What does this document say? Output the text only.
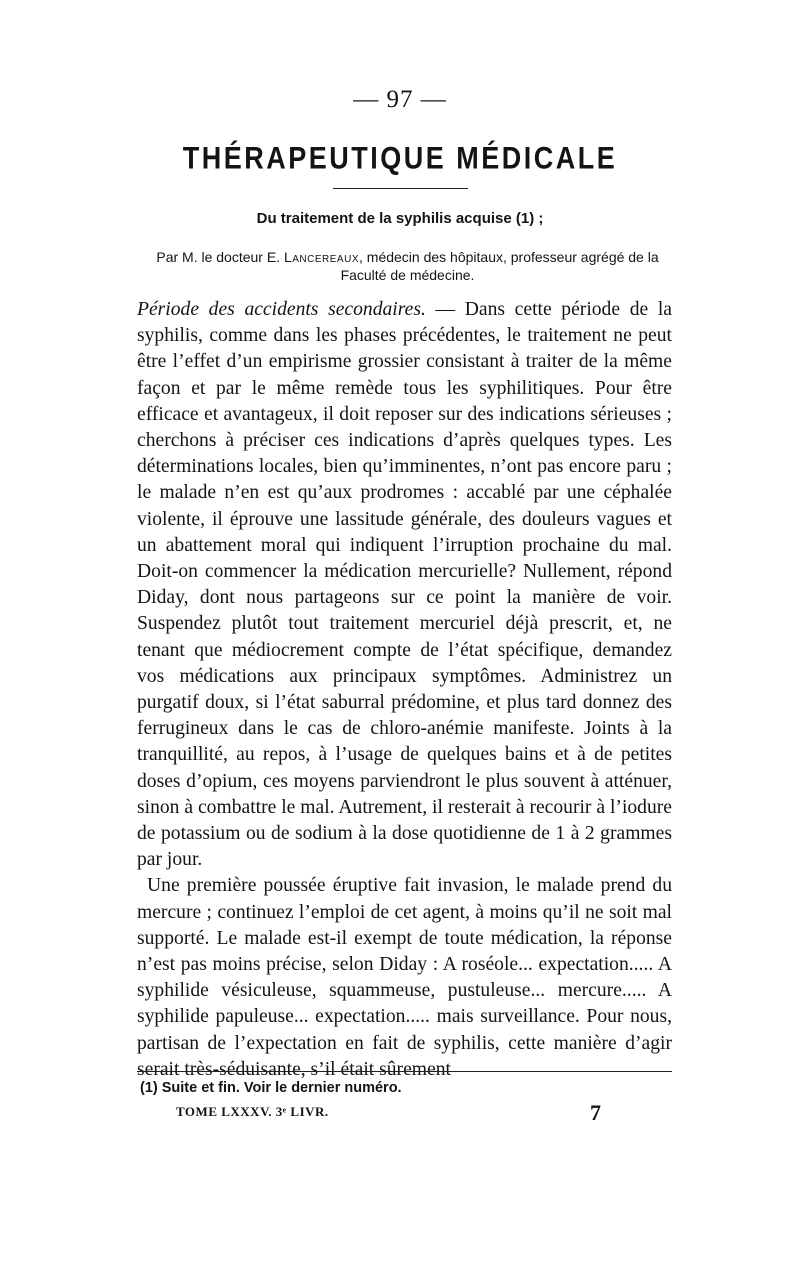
— 97 —
THÉRAPEUTIQUE MÉDICALE
Du traitement de la syphilis acquise (1) ;
Par M. le docteur E. Lancereaux, médecin des hôpitaux, professeur agrégé de la Faculté de médecine.

Période des accidents secondaires. — Dans cette période de la syphilis, comme dans les phases précédentes, le traitement ne peut être l’effet d’un empirisme grossier consistant à traiter de la même façon et par le même remède tous les syphilitiques. Pour être efficace et avantageux, il doit reposer sur des indications sérieuses ; cherchons à préciser ces indications d’après quelques types. Les déterminations locales, bien qu’imminentes, n’ont pas encore paru ; le malade n’en est qu’aux prodromes : accablé par une céphalée violente, il éprouve une lassitude générale, des douleurs vagues et un abattement moral qui indiquent l’irruption prochaine du mal. Doit-on commencer la médication mercurielle? Nullement, répond Diday, dont nous partageons sur ce point la manière de voir. Suspendez plutôt tout traitement mercuriel déjà prescrit, et, ne tenant que médiocrement compte de l’état spécifique, demandez vos médications aux principaux symptômes. Administrez un purgatif doux, si l’état saburral prédomine, et plus tard donnez des ferrugineux dans le cas de chloro-anémie manifeste. Joints à la tranquillité, au repos, à l’usage de quelques bains et à de petites doses d’opium, ces moyens parviendront le plus souvent à atténuer, sinon à combattre le mal. Autrement, il resterait à recourir à l’iodure de potassium ou de sodium à la dose quotidienne de 1 à 2 grammes par jour.

Une première poussée éruptive fait invasion, le malade prend du mercure ; continuez l’emploi de cet agent, à moins qu’il ne soit mal supporté. Le malade est-il exempt de toute médication, la réponse n’est pas moins précise, selon Diday : A roséole... expectation..... A syphilide vésiculeuse, squammeuse, pustuleuse... mercure..... A syphilide papuleuse... expectation..... mais surveillance. Pour nous, partisan de l’expectation en fait de syphilis, cette manière d’agir serait très-séduisante, s’il était sûrement

(1) Suite et fin. Voir le dernier numéro.
TOME LXXXV. 3ᵉ LIVR.	7
